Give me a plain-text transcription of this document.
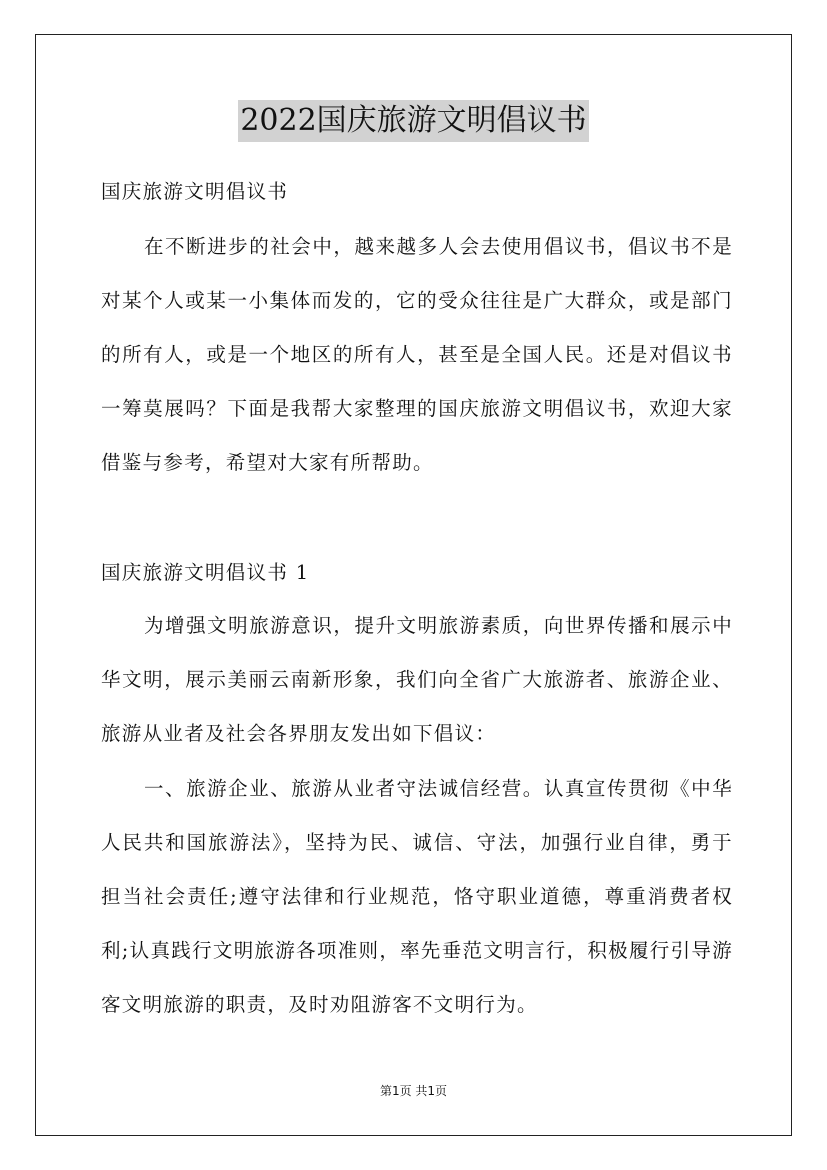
2022国庆旅游文明倡议书
国庆旅游文明倡议书
在不断进步的社会中，越来越多人会去使用倡议书，倡议书不是对某个人或某一小集体而发的，它的受众往往是广大群众，或是部门的所有人，或是一个地区的所有人，甚至是全国人民。还是对倡议书一筹莫展吗？下面是我帮大家整理的国庆旅游文明倡议书，欢迎大家借鉴与参考，希望对大家有所帮助。
国庆旅游文明倡议书 1
为增强文明旅游意识，提升文明旅游素质，向世界传播和展示中华文明，展示美丽云南新形象，我们向全省广大旅游者、旅游企业、旅游从业者及社会各界朋友发出如下倡议：
一、旅游企业、旅游从业者守法诚信经营。认真宣传贯彻《中华人民共和国旅游法》，坚持为民、诚信、守法，加强行业自律，勇于担当社会责任;遵守法律和行业规范，恪守职业道德，尊重消费者权利;认真践行文明旅游各项准则，率先垂范文明言行，积极履行引导游客文明旅游的职责，及时劝阻游客不文明行为。
第1页 共1页
